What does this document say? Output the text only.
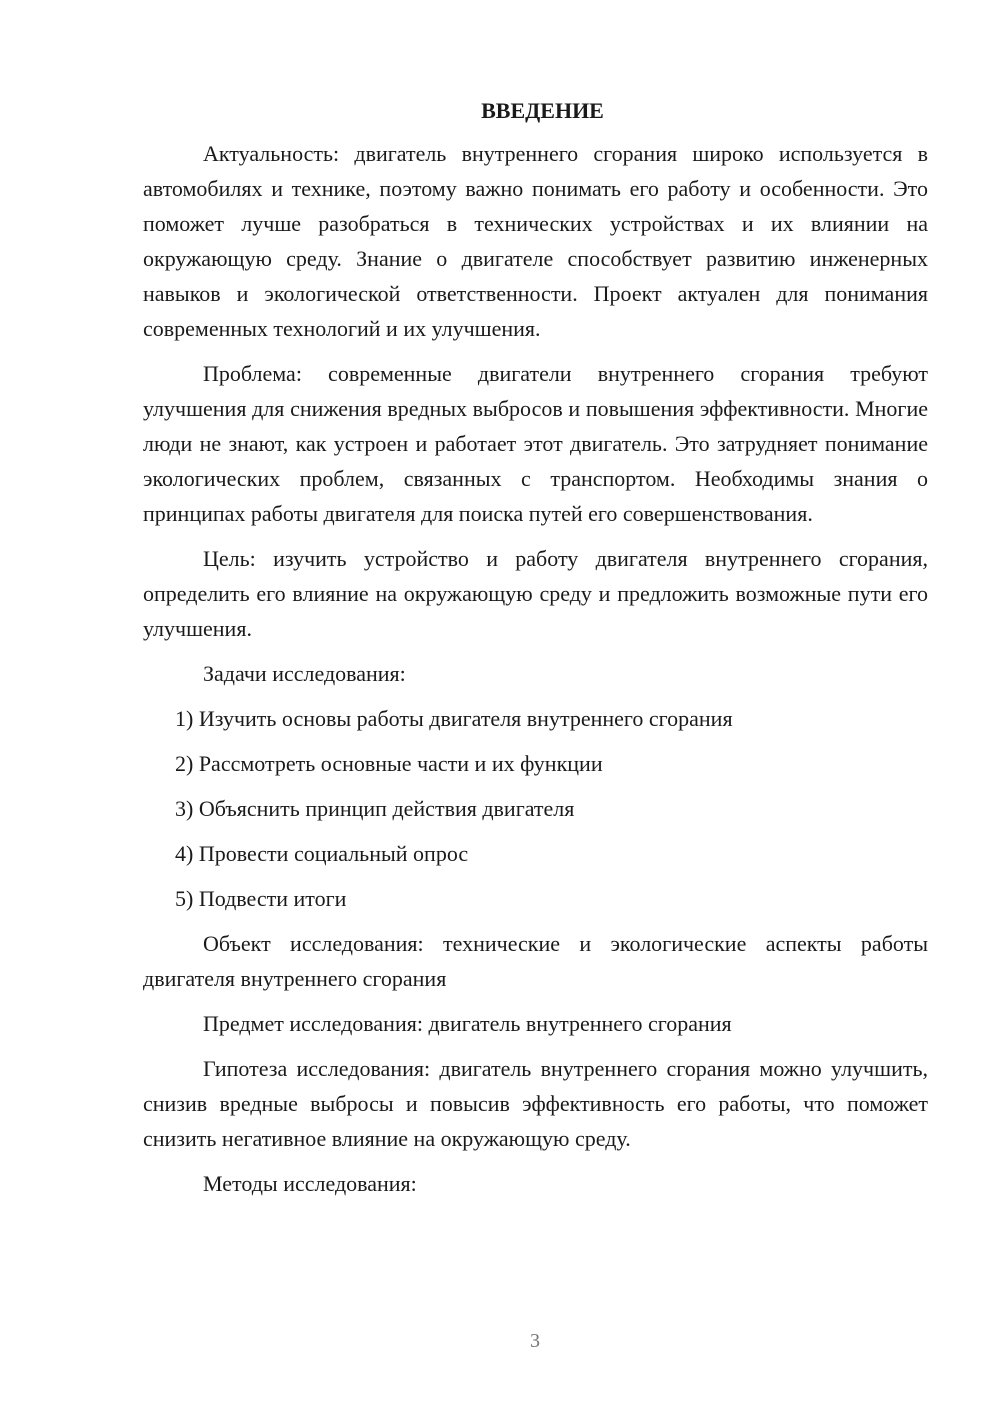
ВВЕДЕНИЕ

Актуальность: двигатель внутреннего сгорания широко используется в автомобилях и технике, поэтому важно понимать его работу и особенности. Это поможет лучше разобраться в технических устройствах и их влиянии на окружающую среду. Знание о двигателе способствует развитию инженерных навыков и экологической ответственности. Проект актуален для понимания современных технологий и их улучшения.

Проблема: современные двигатели внутреннего сгорания требуют улучшения для снижения вредных выбросов и повышения эффективности. Многие люди не знают, как устроен и работает этот двигатель. Это затрудняет понимание экологических проблем, связанных с транспортом. Необходимы знания о принципах работы двигателя для поиска путей его совершенствования.

Цель: изучить устройство и работу двигателя внутреннего сгорания, определить его влияние на окружающую среду и предложить возможные пути его улучшения.

Задачи исследования:

1) Изучить основы работы двигателя внутреннего сгорания
2) Рассмотреть основные части и их функции
3) Объяснить принцип действия двигателя
4) Провести социальный опрос
5) Подвести итоги

Объект исследования: технические и экологические аспекты работы двигателя внутреннего сгорания

Предмет исследования: двигатель внутреннего сгорания

Гипотеза исследования: двигатель внутреннего сгорания можно улучшить, снизив вредные выбросы и повысив эффективность его работы, что поможет снизить негативное влияние на окружающую среду.

Методы исследования:

3
